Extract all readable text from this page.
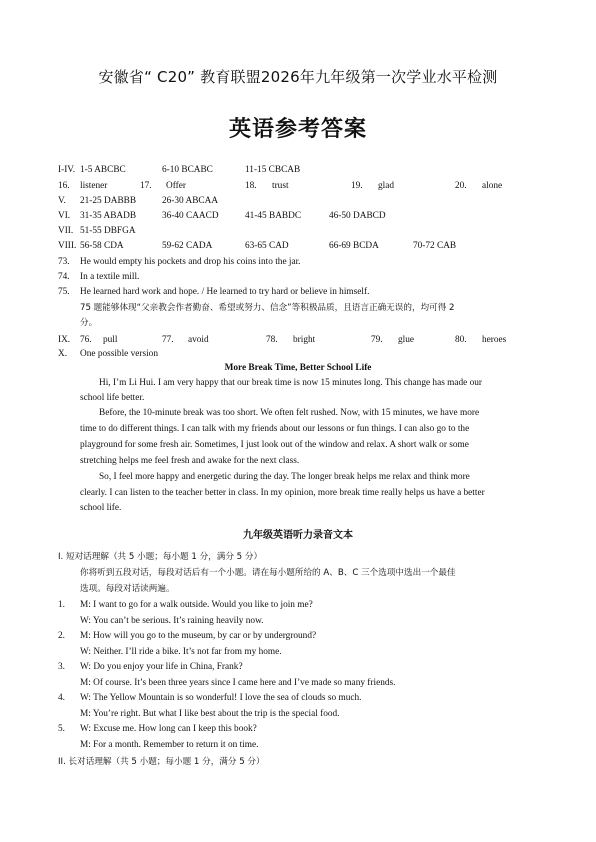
安徽省“ C20” 教育联盟2026年九年级第一次学业水平检测
英语参考答案
I-IV. 1-5 ABCBC	6-10 BCABC	11-15 CBCAB
16. listener	17. Offer	18. trust	19. glad	20. alone
V. 21-25 DABBB	26-30 ABCAA
VI. 31-35 ABADB	36-40 CAACD	41-45 BABDC	46-50 DABCD
VII. 51-55 DBFGA
VIII. 56-58 CDA	59-62 CADA	63-65 CAD	66-69 BCDA	70-72 CAB
73. He would empty his pockets and drop his coins into the jar.
74. In a textile mill.
75. He learned hard work and hope. / He learned to try hard or believe in himself.
75 题能够体现“父亲教会作者勤奋、希望或努力、信念”等积极品质，且语言正确无误的，均可得 2
分。
IX. 76. pull	77. avoid	78. bright	79. glue	80. heroes
X. One possible version
More Break Time, Better School Life
Hi, I’m Li Hui. I am very happy that our break time is now 15 minutes long. This change has made our
school life better.
Before, the 10-minute break was too short. We often felt rushed. Now, with 15 minutes, we have more
time to do different things. I can talk with my friends about our lessons or fun things. I can also go to the
playground for some fresh air. Sometimes, I just look out of the window and relax. A short walk or some
stretching helps me feel fresh and awake for the next class.
So, I feel more happy and energetic during the day. The longer break helps me relax and think more
clearly. I can listen to the teacher better in class. In my opinion, more break time really helps us have a better
school life.
九年级英语听力录音文本
I. 短对话理解（共 5 小题；每小题 1 分，满分 5 分）
你将听到五段对话，每段对话后有一个小题。请在每小题所给的 A、B、C 三个选项中选出一个最佳
选项。每段对话读两遍。
1. M: I want to go for a walk outside. Would you like to join me?
W: You can’t be serious. It’s raining heavily now.
2. M: How will you go to the museum, by car or by underground?
W: Neither. I’ll ride a bike. It’s not far from my home.
3. W: Do you enjoy your life in China, Frank?
M: Of course. It’s been three years since I came here and I’ve made so many friends.
4. W: The Yellow Mountain is so wonderful! I love the sea of clouds so much.
M: You’re right. But what I like best about the trip is the special food.
5. W: Excuse me. How long can I keep this book?
M: For a month. Remember to return it on time.
II. 长对话理解（共 5 小题；每小题 1 分，满分 5 分）
